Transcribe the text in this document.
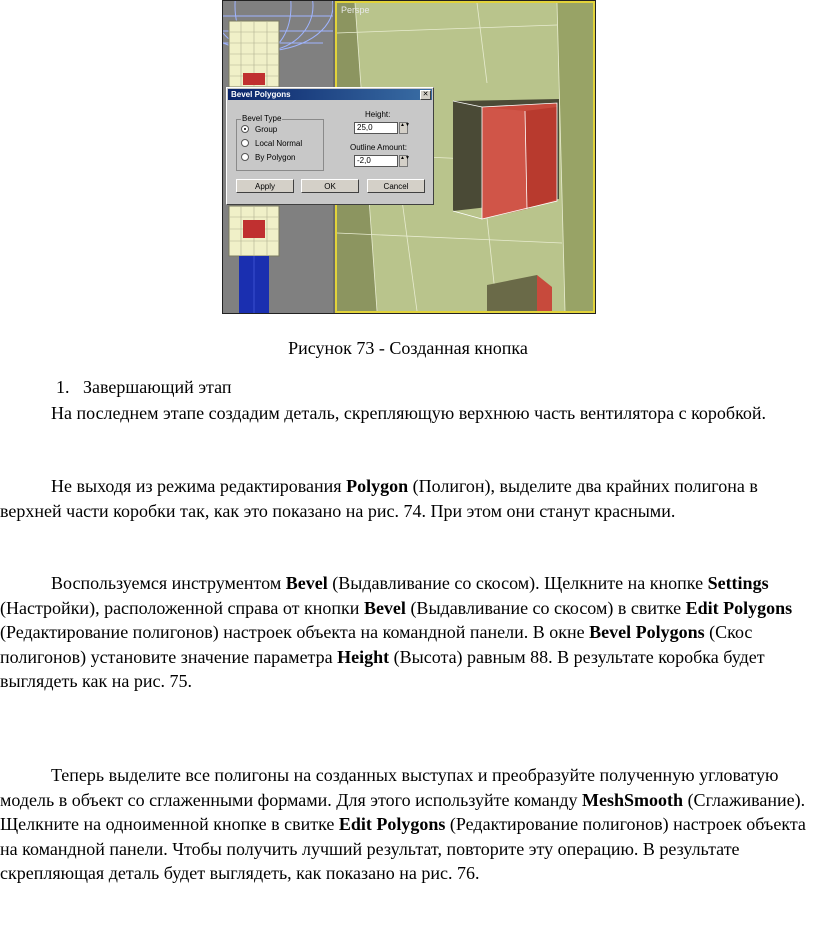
Perspe
Bevel Polygons	✕
Bevel Type
Group
Local Normal
By Polygon
Height:
25,0	▲▼
Outline Amount:
-2,0	▲▼
Apply	OK	Cancel
Рисунок 73 - Созданная кнопка
1. Завершающий этап

На последнем этапе создадим деталь, скрепляющую верхнюю часть вентилятора с коробкой.

Не выходя из режима редактирования Polygon (Полигон), выделите два крайних полигона в верхней части коробки так, как это показано на рис. 74. При этом они станут красными.

Воспользуемся инструментом Bevel (Выдавливание со скосом). Щелкните на кнопке Settings (Настройки), расположенной справа от кнопки Bevel (Выдавливание со скосом) в свитке Edit Polygons (Редактирование полигонов) настроек объекта на командной панели. В окне Bevel Polygons (Скос полигонов) установите значение параметра Height (Высота) равным 88. В результате коробка будет выглядеть как на рис. 75.

Теперь выделите все полигоны на созданных выступах и преобразуйте полученную угловатую модель в объект со сглаженными формами. Для этого используйте команду MeshSmooth (Сглаживание). Щелкните на одноименной кнопке в свитке Edit Polygons (Редактирование полигонов) настроек объекта на командной панели. Чтобы получить лучший результат, повторите эту операцию. В результате скрепляющая деталь будет выглядеть, как показано на рис. 76.
